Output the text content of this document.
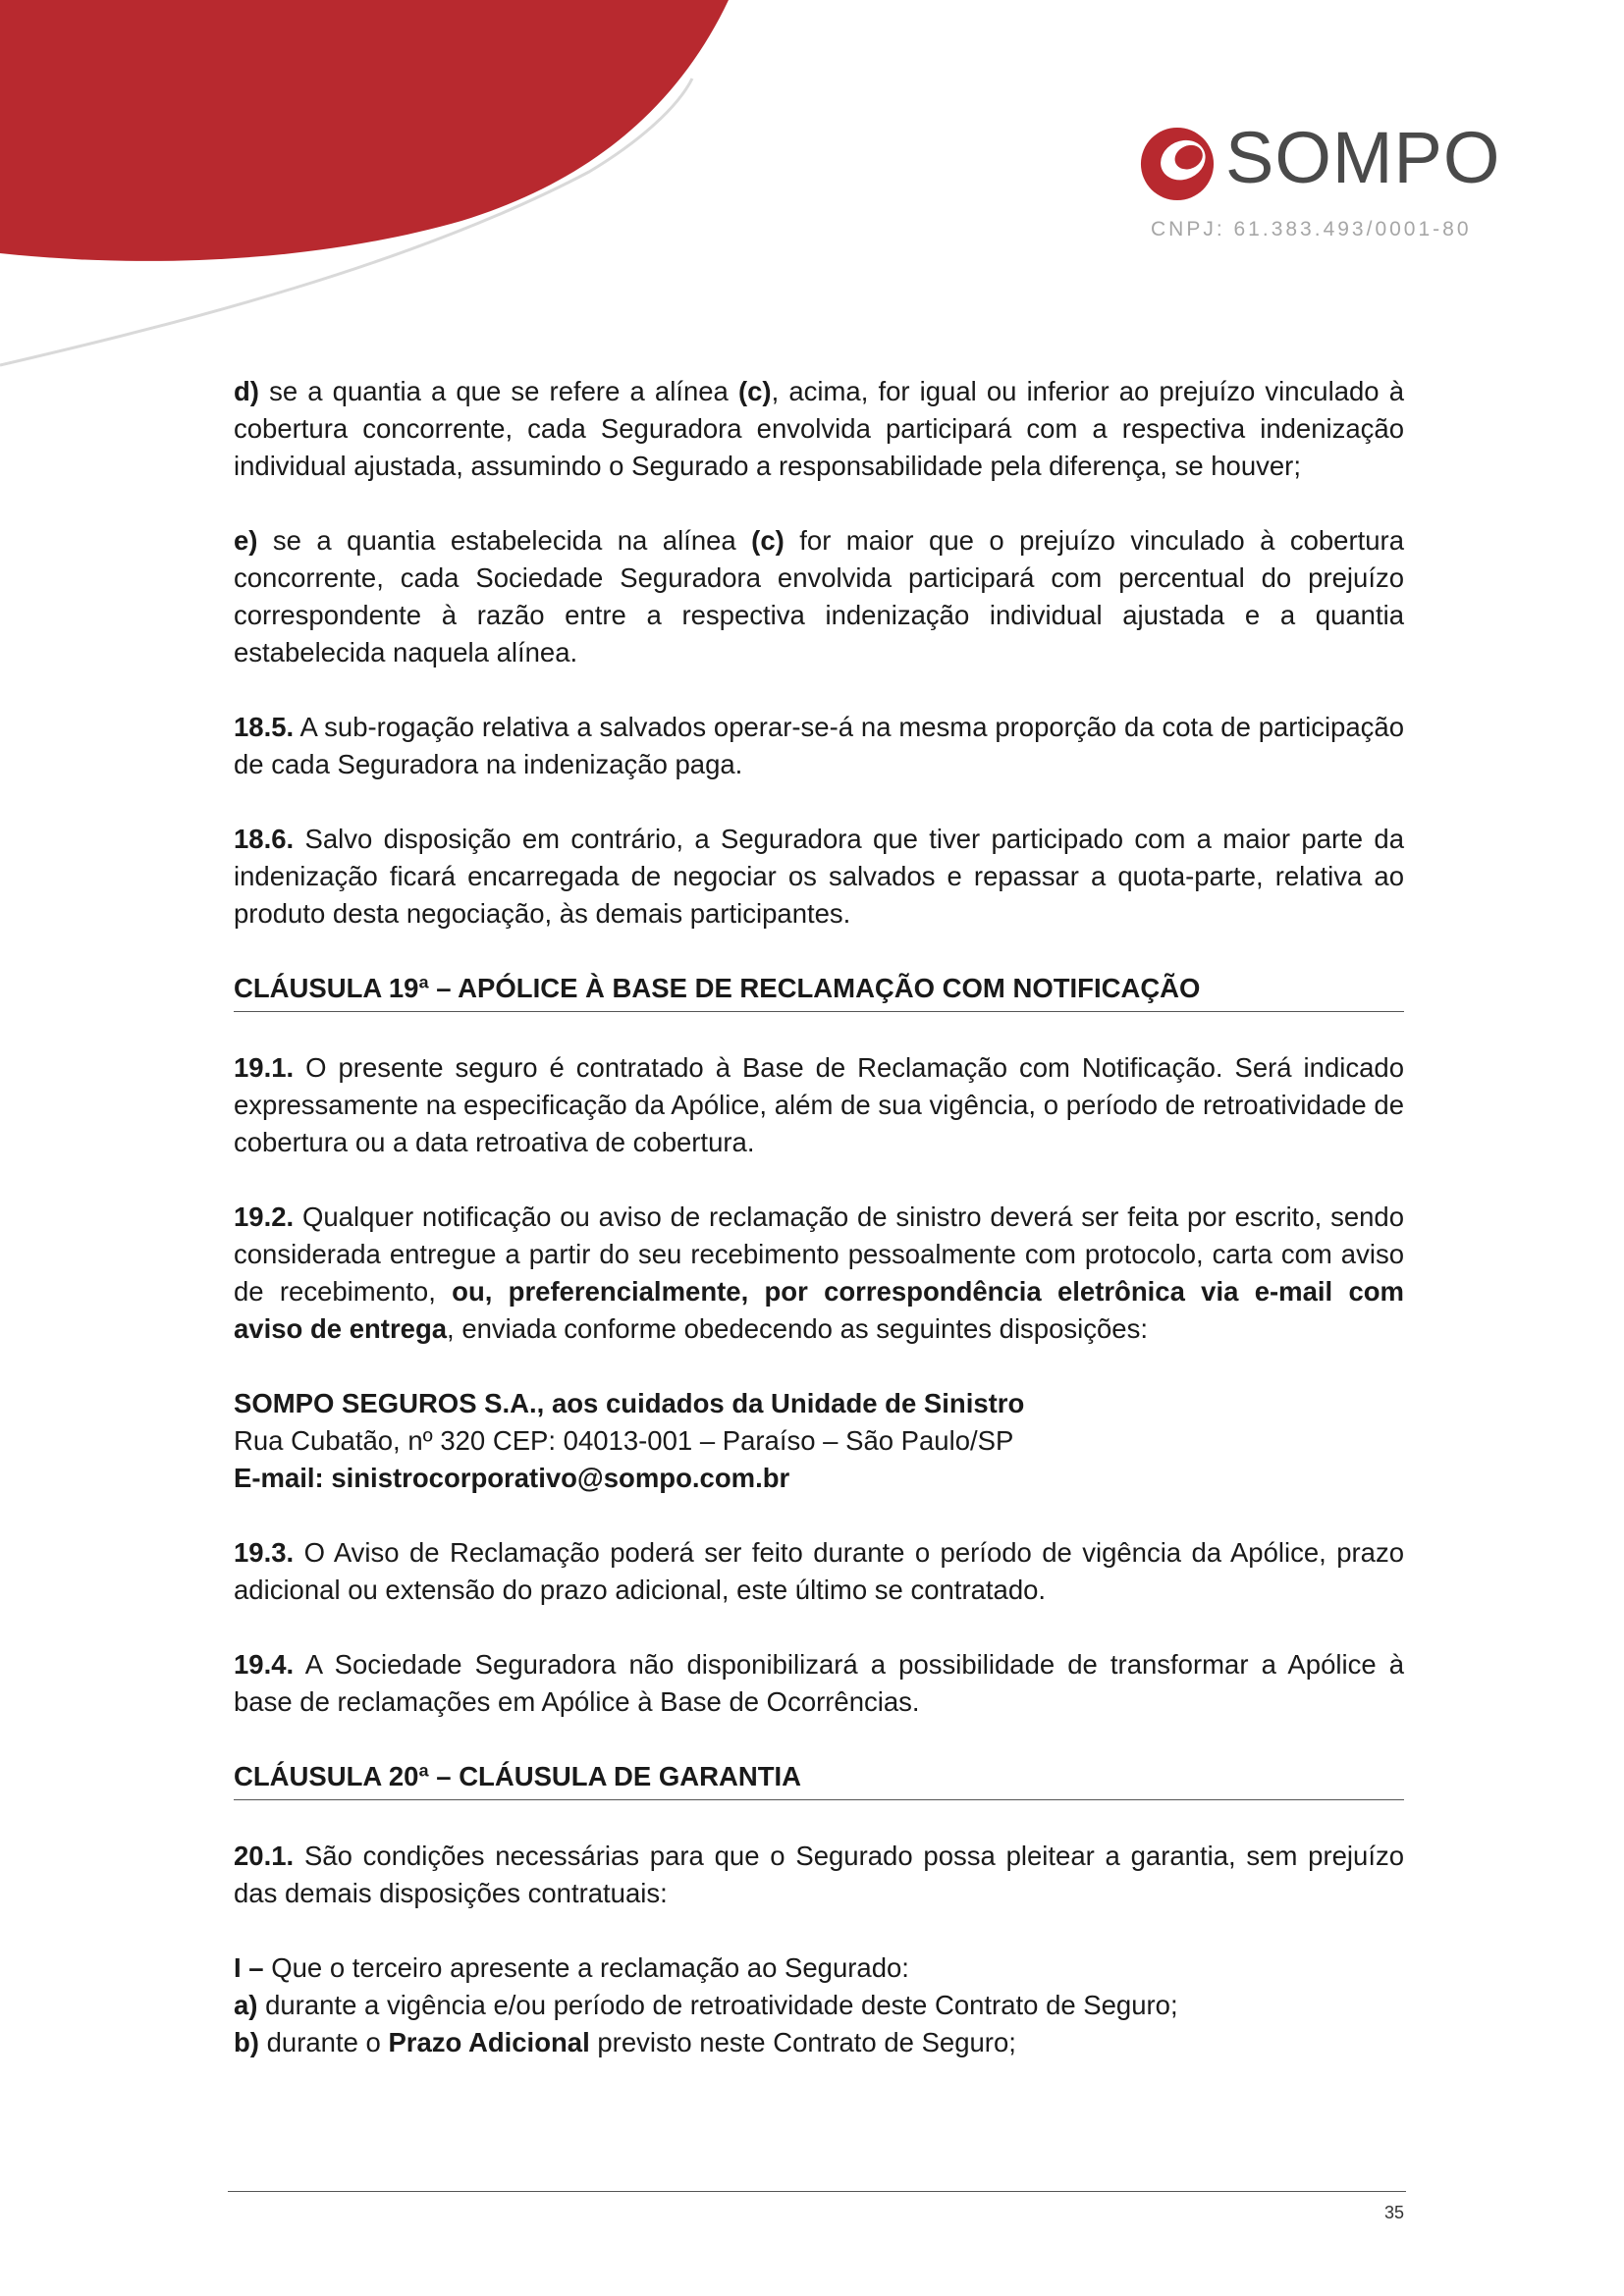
SOMPO
CNPJ: 61.383.493/0001-80

d) se a quantia a que se refere a alínea (c), acima, for igual ou inferior ao prejuízo vinculado à cobertura concorrente, cada Seguradora envolvida participará com a respectiva indenização individual ajustada, assumindo o Segurado a responsabilidade pela diferença, se houver;

e) se a quantia estabelecida na alínea (c) for maior que o prejuízo vinculado à cobertura concorrente, cada Sociedade Seguradora envolvida participará com percentual do prejuízo correspondente à razão entre a respectiva indenização individual ajustada e a quantia estabelecida naquela alínea.

18.5. A sub-rogação relativa a salvados operar-se-á na mesma proporção da cota de participação de cada Seguradora na indenização paga.

18.6. Salvo disposição em contrário, a Seguradora que tiver participado com a maior parte da indenização ficará encarregada de negociar os salvados e repassar a quota-parte, relativa ao produto desta negociação, às demais participantes.

CLÁUSULA 19ª – APÓLICE À BASE DE RECLAMAÇÃO COM NOTIFICAÇÃO

19.1. O presente seguro é contratado à Base de Reclamação com Notificação. Será indicado expressamente na especificação da Apólice, além de sua vigência, o período de retroatividade de cobertura ou a data retroativa de cobertura.

19.2. Qualquer notificação ou aviso de reclamação de sinistro deverá ser feita por escrito, sendo considerada entregue a partir do seu recebimento pessoalmente com protocolo, carta com aviso de recebimento, ou, preferencialmente, por correspondência eletrônica via e-mail com aviso de entrega, enviada conforme obedecendo as seguintes disposições:

SOMPO SEGUROS S.A., aos cuidados da Unidade de Sinistro

Rua Cubatão, nº 320 CEP: 04013-001 – Paraíso – São Paulo/SP

E-mail: sinistrocorporativo@sompo.com.br

19.3. O Aviso de Reclamação poderá ser feito durante o período de vigência da Apólice, prazo adicional ou extensão do prazo adicional, este último se contratado.

19.4. A Sociedade Seguradora não disponibilizará a possibilidade de transformar a Apólice à base de reclamações em Apólice à Base de Ocorrências.

CLÁUSULA 20ª – CLÁUSULA DE GARANTIA

20.1. São condições necessárias para que o Segurado possa pleitear a garantia, sem prejuízo das demais disposições contratuais:

I – Que o terceiro apresente a reclamação ao Segurado:

a) durante a vigência e/ou período de retroatividade deste Contrato de Seguro;

b) durante o Prazo Adicional previsto neste Contrato de Seguro;

35
